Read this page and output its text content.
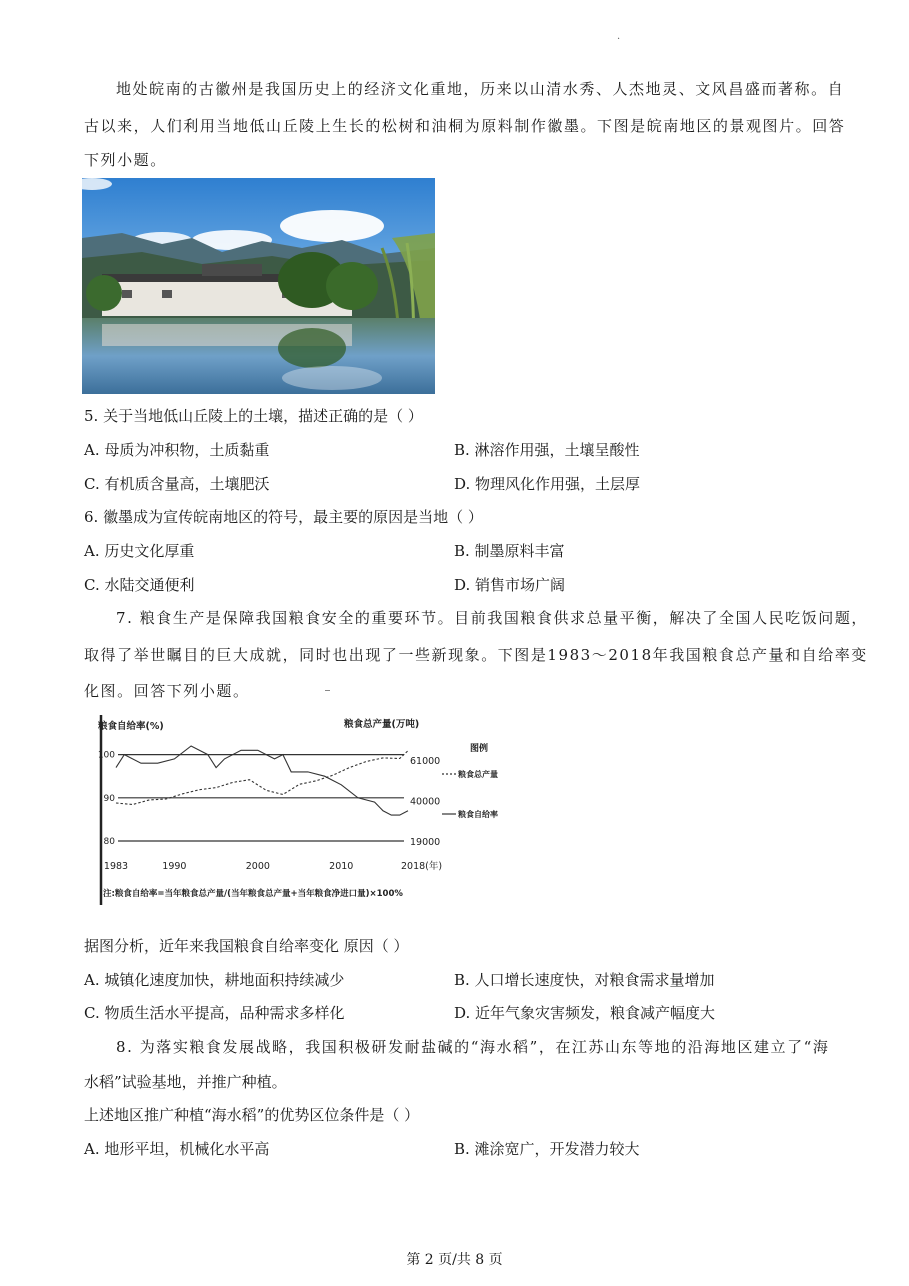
·
地处皖南的古徽州是我国历史上的经济文化重地，历来以山清水秀、人杰地灵、文风昌盛而著称。自
古以来，人们利用当地低山丘陵上生长的松树和油桐为原料制作徽墨。下图是皖南地区的景观图片。回答
下列小题。
5. 关于当地低山丘陵上的土壤，描述正确的是（ ）
A. 母质为冲积物，土质黏重	B. 淋溶作用强，土壤呈酸性
C. 有机质含量高，土壤肥沃	D. 物理风化作用强，土层厚
6. 徽墨成为宣传皖南地区的符号，最主要的原因是当地（ ）
A. 历史文化厚重	B. 制墨原料丰富
C. 水陆交通便利	D. 销售市场广阔
7. 粮食生产是保障我国粮食安全的重要环节。目前我国粮食供求总量平衡，解决了全国人民吃饭问题，
取得了举世瞩目的巨大成就，同时也出现了一些新现象。下图是1983～2018年我国粮食总产量和自给率变
化图。回答下列小题。
100
90
80
61000
40000
19000
1983	1990	2000	2010	2018(年)
粮食自给率(%)	粮食总产量(万吨)
图例
粮食总产量
粮食自给率
注:粮食自给率=当年粮食总产量/(当年粮食总产量+当年粮食净进口量)×100%
据图分析，近年来我国粮食自给率变化 原因（ ）
A. 城镇化速度加快，耕地面积持续减少	B. 人口增长速度快，对粮食需求量增加
C. 物质生活水平提高，品种需求多样化	D. 近年气象灾害频发，粮食减产幅度大
8. 为落实粮食发展战略，我国积极研发耐盐碱的“海水稻”，在江苏山东等地的沿海地区建立了“海
水稻”试验基地，并推广种植。
上述地区推广种植“海水稻”的优势区位条件是（ ）
A. 地形平坦，机械化水平高	B. 滩涂宽广，开发潜力较大
第 2 页/共 8 页
